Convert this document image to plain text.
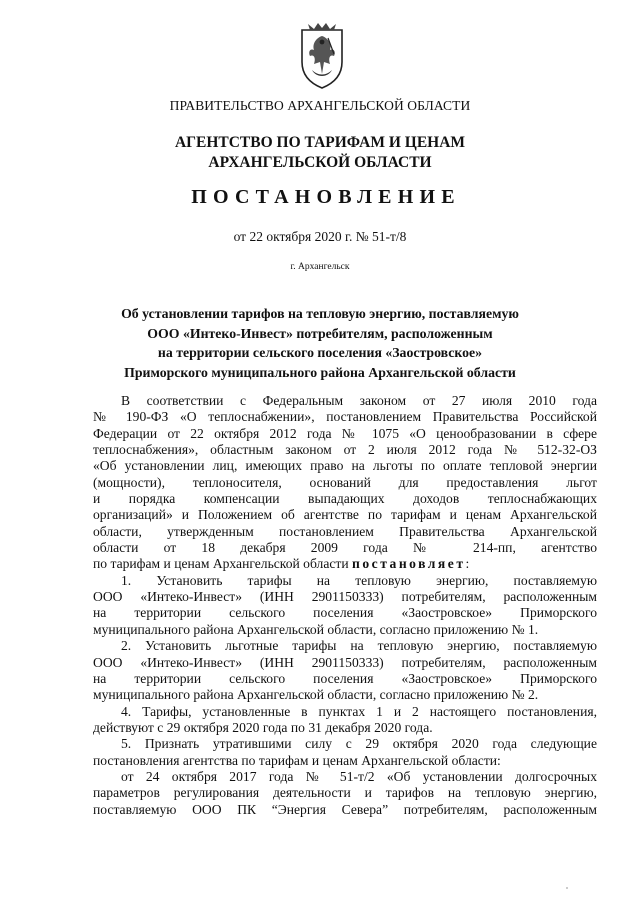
ПРАВИТЕЛЬСТВО АРХАНГЕЛЬСКОЙ ОБЛАСТИ
АГЕНТСТВО ПО ТАРИФАМ И ЦЕНАМ
АРХАНГЕЛЬСКОЙ ОБЛАСТИ
ПОСТАНОВЛЕНИЕ
от 22 октября 2020 г. № 51-т/8
г. Архангельск
Об установлении тарифов на тепловую энергию, поставляемую
ООО «Интеко-Инвест» потребителям, расположенным
на территории сельского поселения «Заостровское»
Приморского муниципального района Архангельской области
В соответствии с Федеральным законом от 27 июля 2010 года
№ 190-ФЗ «О теплоснабжении», постановлением Правительства Российской
Федерации от 22 октября 2012 года № 1075 «О ценообразовании в сфере
теплоснабжения», областным законом от 2 июля 2012 года № 512-32-ОЗ
«Об установлении лиц, имеющих право на льготы по оплате тепловой энергии
(мощности), теплоносителя, оснований для предоставления льгот
и порядка компенсации выпадающих доходов теплоснабжающих
организаций» и Положением об агентстве по тарифам и ценам Архангельской
области, утвержденным постановлением Правительства Архангельской
области от 18 декабря 2009 года № 214-пп, агентство
по тарифам и ценам Архангельской области постановляет:
1. Установить тарифы на тепловую энергию, поставляемую
ООО «Интеко-Инвест» (ИНН 2901150333) потребителям, расположенным
на территории сельского поселения «Заостровское» Приморского
муниципального района Архангельской области, согласно приложению № 1.
2. Установить льготные тарифы на тепловую энергию, поставляемую
ООО «Интеко-Инвест» (ИНН 2901150333) потребителям, расположенным
на территории сельского поселения «Заостровское» Приморского
муниципального района Архангельской области, согласно приложению № 2.
4. Тарифы, установленные в пунктах 1 и 2 настоящего постановления,
действуют с 29 октября 2020 года по 31 декабря 2020 года.
5. Признать утратившими силу с 29 октября 2020 года следующие
постановления агентства по тарифам и ценам Архангельской области:
от 24 октября 2017 года № 51-т/2 «Об установлении долгосрочных
параметров регулирования деятельности и тарифов на тепловую энергию,
поставляемую ООО ПК “Энергия Севера” потребителям, расположенным
